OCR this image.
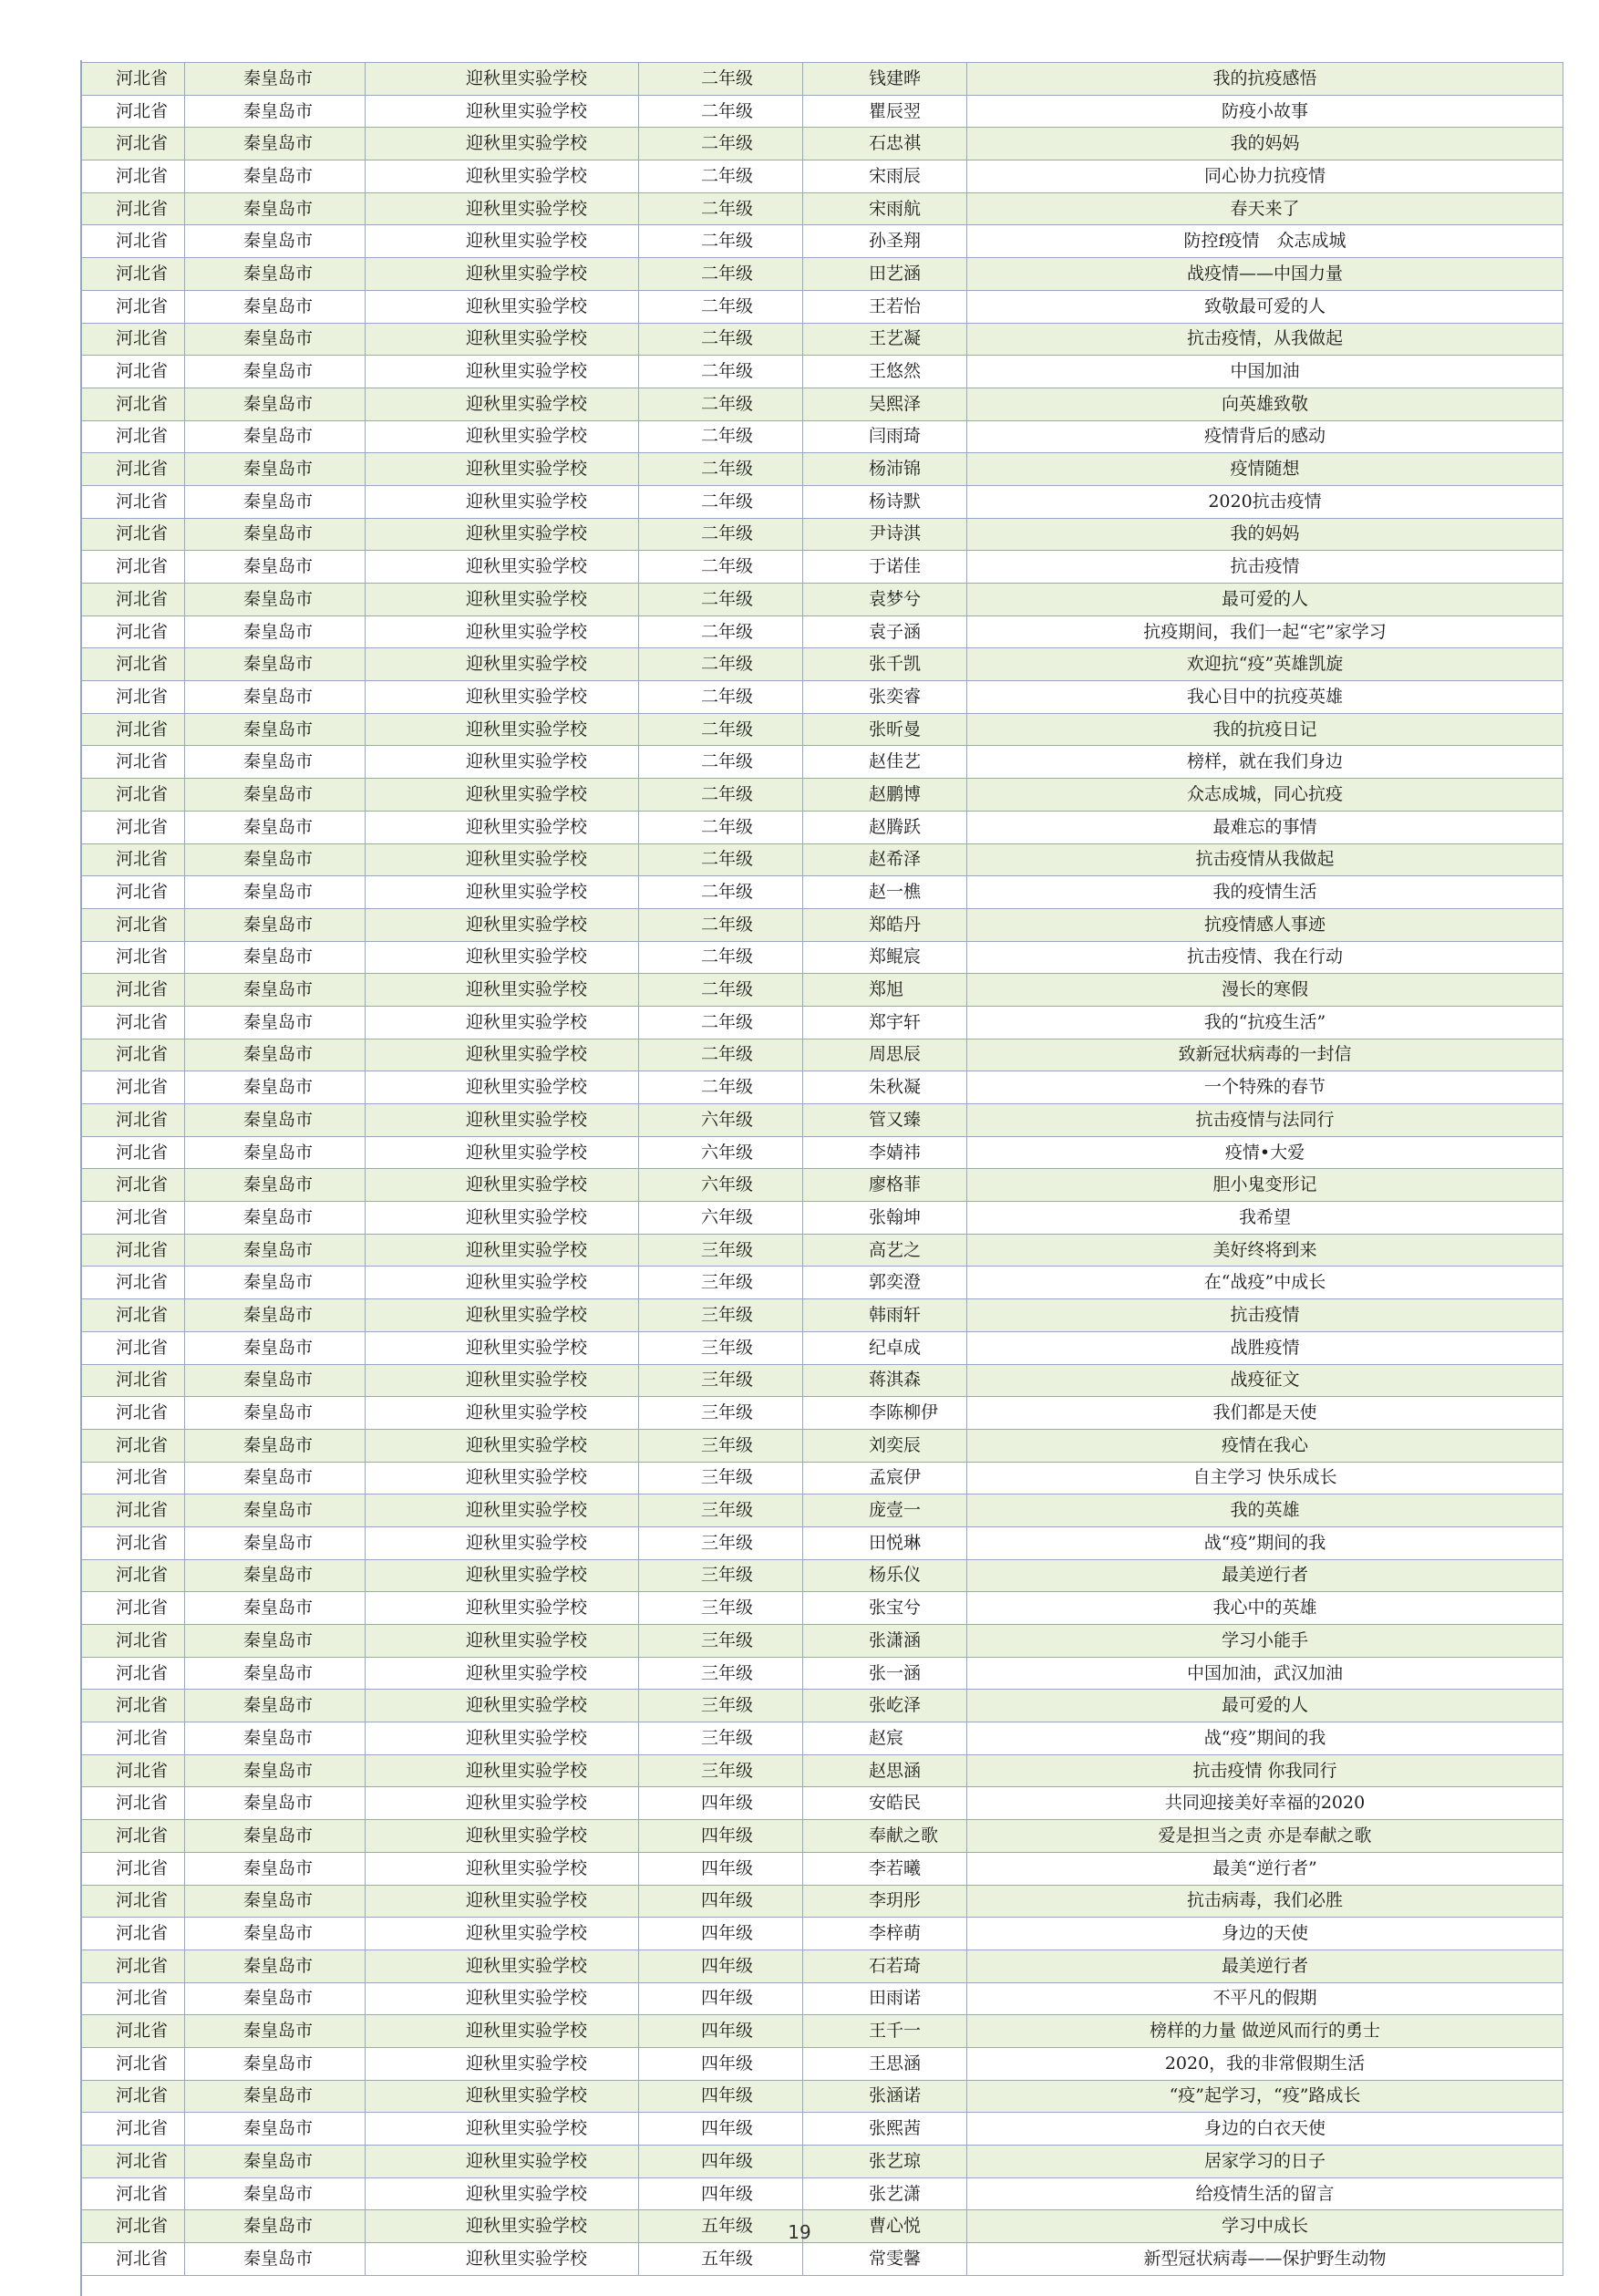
河北省	秦皇岛市	迎秋里实验学校	二年级	钱建晔	我的抗疫感悟
河北省	秦皇岛市	迎秋里实验学校	二年级	瞿辰翌	防疫小故事
河北省	秦皇岛市	迎秋里实验学校	二年级	石忠祺	我的妈妈
河北省	秦皇岛市	迎秋里实验学校	二年级	宋雨辰	同心协力抗疫情
河北省	秦皇岛市	迎秋里实验学校	二年级	宋雨航	春天来了
河北省	秦皇岛市	迎秋里实验学校	二年级	孙圣翔	防控f疫情　众志成城
河北省	秦皇岛市	迎秋里实验学校	二年级	田艺涵	战疫情——中国力量
河北省	秦皇岛市	迎秋里实验学校	二年级	王若怡	致敬最可爱的人
河北省	秦皇岛市	迎秋里实验学校	二年级	王艺凝	抗击疫情，从我做起
河北省	秦皇岛市	迎秋里实验学校	二年级	王悠然	中国加油
河北省	秦皇岛市	迎秋里实验学校	二年级	吴熙泽	向英雄致敬
河北省	秦皇岛市	迎秋里实验学校	二年级	闫雨琦	疫情背后的感动
河北省	秦皇岛市	迎秋里实验学校	二年级	杨沛锦	疫情随想
河北省	秦皇岛市	迎秋里实验学校	二年级	杨诗默	2020抗击疫情
河北省	秦皇岛市	迎秋里实验学校	二年级	尹诗淇	我的妈妈
河北省	秦皇岛市	迎秋里实验学校	二年级	于诺佳	抗击疫情
河北省	秦皇岛市	迎秋里实验学校	二年级	袁梦兮	最可爱的人
河北省	秦皇岛市	迎秋里实验学校	二年级	袁子涵	抗疫期间，我们一起“宅”家学习
河北省	秦皇岛市	迎秋里实验学校	二年级	张千凯	欢迎抗“疫”英雄凯旋
河北省	秦皇岛市	迎秋里实验学校	二年级	张奕睿	我心目中的抗疫英雄
河北省	秦皇岛市	迎秋里实验学校	二年级	张昕曼	我的抗疫日记
河北省	秦皇岛市	迎秋里实验学校	二年级	赵佳艺	榜样，就在我们身边
河北省	秦皇岛市	迎秋里实验学校	二年级	赵鹏博	众志成城，同心抗疫
河北省	秦皇岛市	迎秋里实验学校	二年级	赵腾跃	最难忘的事情
河北省	秦皇岛市	迎秋里实验学校	二年级	赵希泽	抗击疫情从我做起
河北省	秦皇岛市	迎秋里实验学校	二年级	赵一樵	我的疫情生活
河北省	秦皇岛市	迎秋里实验学校	二年级	郑皓丹	抗疫情感人事迹
河北省	秦皇岛市	迎秋里实验学校	二年级	郑鲲宸	抗击疫情、我在行动
河北省	秦皇岛市	迎秋里实验学校	二年级	郑旭	漫长的寒假
河北省	秦皇岛市	迎秋里实验学校	二年级	郑宇轩	我的“抗疫生活”
河北省	秦皇岛市	迎秋里实验学校	二年级	周思辰	致新冠状病毒的一封信
河北省	秦皇岛市	迎秋里实验学校	二年级	朱秋凝	一个特殊的春节
河北省	秦皇岛市	迎秋里实验学校	六年级	管又臻	抗击疫情与法同行
河北省	秦皇岛市	迎秋里实验学校	六年级	李婧祎	疫情•大爱
河北省	秦皇岛市	迎秋里实验学校	六年级	廖格菲	胆小鬼变形记
河北省	秦皇岛市	迎秋里实验学校	六年级	张翰坤	我希望
河北省	秦皇岛市	迎秋里实验学校	三年级	高艺之	美好终将到来
河北省	秦皇岛市	迎秋里实验学校	三年级	郭奕澄	在“战疫”中成长
河北省	秦皇岛市	迎秋里实验学校	三年级	韩雨轩	抗击疫情
河北省	秦皇岛市	迎秋里实验学校	三年级	纪卓成	战胜疫情
河北省	秦皇岛市	迎秋里实验学校	三年级	蒋淇森	战疫征文
河北省	秦皇岛市	迎秋里实验学校	三年级	李陈柳伊	我们都是天使
河北省	秦皇岛市	迎秋里实验学校	三年级	刘奕辰	疫情在我心
河北省	秦皇岛市	迎秋里实验学校	三年级	孟宸伊	自主学习 快乐成长
河北省	秦皇岛市	迎秋里实验学校	三年级	庞壹一	我的英雄
河北省	秦皇岛市	迎秋里实验学校	三年级	田悦琳	战“疫”期间的我
河北省	秦皇岛市	迎秋里实验学校	三年级	杨乐仪	最美逆行者
河北省	秦皇岛市	迎秋里实验学校	三年级	张宝兮	我心中的英雄
河北省	秦皇岛市	迎秋里实验学校	三年级	张潇涵	学习小能手
河北省	秦皇岛市	迎秋里实验学校	三年级	张一涵	中国加油，武汉加油
河北省	秦皇岛市	迎秋里实验学校	三年级	张屹泽	最可爱的人
河北省	秦皇岛市	迎秋里实验学校	三年级	赵宸	战“疫”期间的我
河北省	秦皇岛市	迎秋里实验学校	三年级	赵思涵	抗击疫情 你我同行
河北省	秦皇岛市	迎秋里实验学校	四年级	安皓民	共同迎接美好幸福的2020
河北省	秦皇岛市	迎秋里实验学校	四年级	奉献之歌	爱是担当之责 亦是奉献之歌
河北省	秦皇岛市	迎秋里实验学校	四年级	李若曦	最美“逆行者”
河北省	秦皇岛市	迎秋里实验学校	四年级	李玥彤	抗击病毒，我们必胜
河北省	秦皇岛市	迎秋里实验学校	四年级	李梓萌	身边的天使
河北省	秦皇岛市	迎秋里实验学校	四年级	石若琦	最美逆行者
河北省	秦皇岛市	迎秋里实验学校	四年级	田雨诺	不平凡的假期
河北省	秦皇岛市	迎秋里实验学校	四年级	王千一	榜样的力量 做逆风而行的勇士
河北省	秦皇岛市	迎秋里实验学校	四年级	王思涵	2020，我的非常假期生活
河北省	秦皇岛市	迎秋里实验学校	四年级	张涵诺	“疫”起学习，“疫”路成长
河北省	秦皇岛市	迎秋里实验学校	四年级	张熙茜	身边的白衣天使
河北省	秦皇岛市	迎秋里实验学校	四年级	张艺琼	居家学习的日子
河北省	秦皇岛市	迎秋里实验学校	四年级	张艺潇	给疫情生活的留言
河北省	秦皇岛市	迎秋里实验学校	五年级	曹心悦	学习中成长
河北省	秦皇岛市	迎秋里实验学校	五年级	常雯馨	新型冠状病毒——保护野生动物
19
